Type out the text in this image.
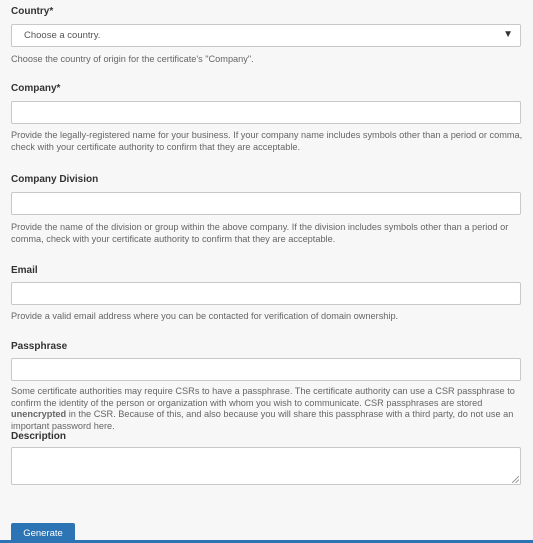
Country*
Choose a country.	▼
Choose the country of origin for the certificate's "Company".
Company*
Provide the legally-registered name for your business. If your company name includes symbols other than a period or comma, check with your certificate authority to confirm that they are acceptable.
Company Division
Provide the name of the division or group within the above company. If the division includes symbols other than a period or comma, check with your certificate authority to confirm that they are acceptable.
Email
Provide a valid email address where you can be contacted for verification of domain ownership.
Passphrase
Some certificate authorities may require CSRs to have a passphrase. The certificate authority can use a CSR passphrase to confirm the identity of the person or organization with whom you wish to communicate. CSR passphrases are stored unencrypted in the CSR. Because of this, and also because you will share this passphrase with a third party, do not use an important password here.
Description
Generate
